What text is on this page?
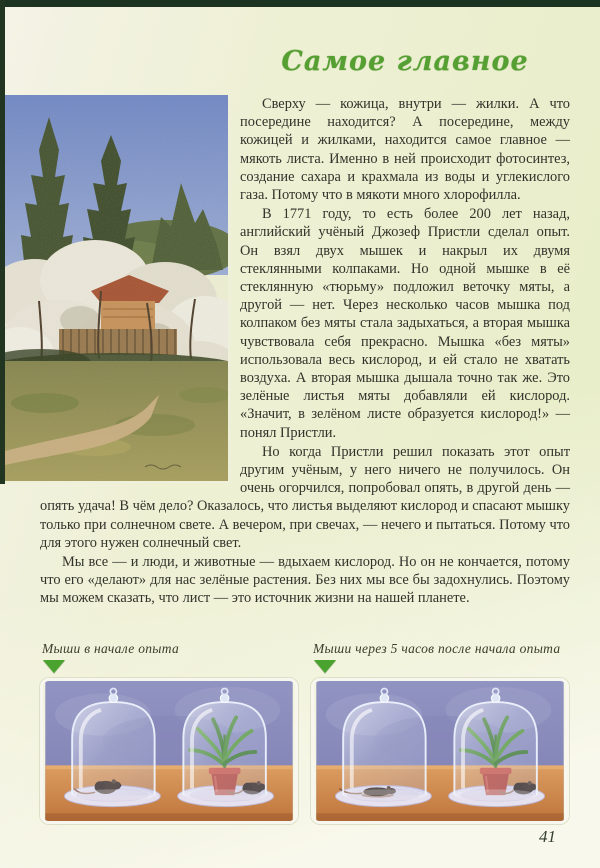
Самое главное

Сверху — кожица, внутри — жилки. А что посередине находится? А посередине, между кожицей и жилками, находится самое главное — мякоть листа. Именно в ней происходит фотосинтез, создание сахара и крахмала из воды и углекислого газа. Потому что в мякоти много хлорофилла.

В 1771 году, то есть более 200 лет назад, английский учёный Джозеф Пристли сделал опыт. Он взял двух мышек и накрыл их двумя стеклянными колпаками. Но одной мышке в её стеклянную «тюрьму» подложил веточку мяты, а другой — нет. Через несколько часов мышка под колпаком без мяты стала задыхаться, а вторая мышка чувствовала себя прекрасно. Мышка «без мяты» использовала весь кислород, и ей стало не хватать воздуха. А вторая мышка дышала точно так же. Это зелёные листья мяты добавляли ей кислород. «Значит, в зелёном листе образуется кислород!» — понял Пристли.

Но когда Пристли решил показать этот опыт другим учёным, у него ничего не получилось. Он очень огорчился, попробовал опять, в другой день — опять удача! В чём дело? Оказалось, что листья выделяют кислород и спасают мышку только при солнечном свете. А вечером, при свечах, — нечего и пытаться. Потому что для этого нужен солнечный свет.

Мы все — и люди, и животные — вдыхаем кислород. Но он не кончается, потому что его «делают» для нас зелёные растения. Без них мы все бы задохнулись. Поэтому мы можем сказать, что лист — это источник жизни на нашей планете.

Мыши в начале опыта	Мыши через 5 часов после начала опыта
41
